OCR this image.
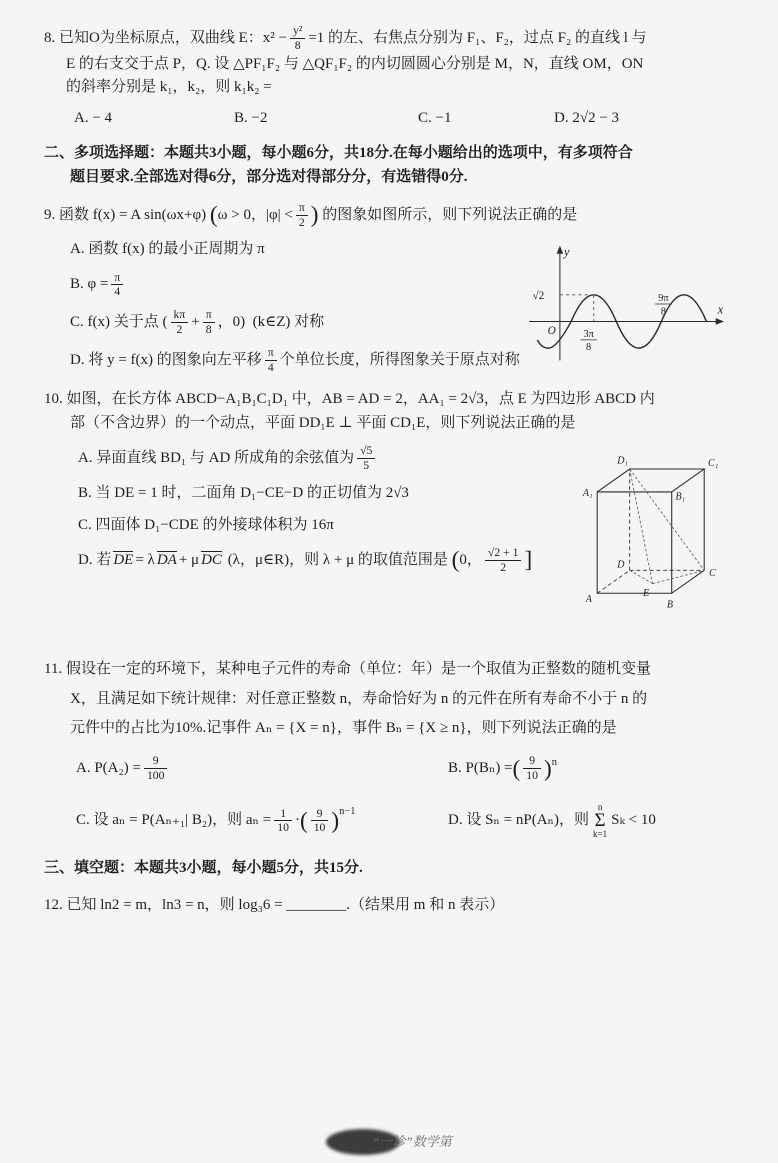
8. 已知O为坐标原点，双曲线 E：$x^2 - \frac{\text{y²}}{8} =1$ 的左、右焦点分别为 F₁、F₂，过点 F₂ 的直线 l 与
E 的右支交于点 P，Q. 设 △PF₁F₂ 与 △QF₁F₂ 的内切圆圆心分别是 M，N，直线 OM，ON
的斜率分别是 k₁，k₂，则 k₁k₂ =
A. − 4	B. −2	C. −1	D. 2√2 − 3
二、多项选择题：本题共3小题，每小题6分，共18分.在每小题给出的选项中，有多项符合
题目要求.全部选对得6分，部分选对得部分分，有选错得0分.
9. 函数 f(x) = A sin(ωx+φ) ( ω > 0，$|\varphi| < \frac{\pi}{2}$ ) 的图象如图所示，则下列说法正确的是
A. 函数 f(x) 的最小正周期为 π
B. $\varphi = \frac{\pi}{4}$
C. f(x) 关于点 ( $\frac{k\pi}{2} + \frac{\pi}{8}$ ，0) (k∈Z) 对称
D. 将 y = f(x) 的图象向左平移 $\frac{\pi}{4}$ 个单位长度，所得图象关于原点对称
y
x
O
√2
3π
8
9π
8
10. 如图，在长方体 ABCD−A₁B₁C₁D₁ 中，AB = AD = 2，AA₁ = 2√3，点 E 为四边形 ABCD 内
部（不含边界）的一个动点，平面 DD₁E ⊥ 平面 CD₁E，则下列说法正确的是
A. 异面直线 BD₁ 与 AD 所成角的余弦值为 $\frac{√5}{5}$
B. 当 DE = 1 时，二面角 D₁−CE−D 的正切值为 2√3
C. 四面体 D₁−CDE 的外接球体积为 16π
D. 若 DE = λ DA + μ DC (λ，μ∈R)，则 λ + μ 的取值范围是 ( 0， $\frac{√2 + 1}{2}$ ]
D₁	C₁
A₁	B₁
D
C
A
B
E
11. 假设在一定的环境下，某种电子元件的寿命（单位：年）是一个取值为正整数的随机变量
X，且满足如下统计规律：对任意正整数 n，寿命恰好为 n 的元件在所有寿命不小于 n 的
元件中的占比为10%.记事件 Aₙ = {X = n}，事件 Bₙ = {X ≥ n}，则下列说法正确的是
A. $P(A_2) = \frac{9}{100}$	B. P(Bₙ) = ( $\frac{9}{10}$ ) n
C. 设 aₙ = P(Aₙ₊₁| B₂)，则 $a_n = \frac{1}{10}$ · ( $\frac{9}{10}$ ) n−1
D. 设 Sₙ = nP(Aₙ)，则
n
Σ
k=1
Sₖ < 10
三、填空题：本题共3小题，每小题5分，共15分.
12. 已知 ln2 = m，ln3 = n，则 log₃6 = ________ .（结果用 m 和 n 表示）
“一诊”数学第
